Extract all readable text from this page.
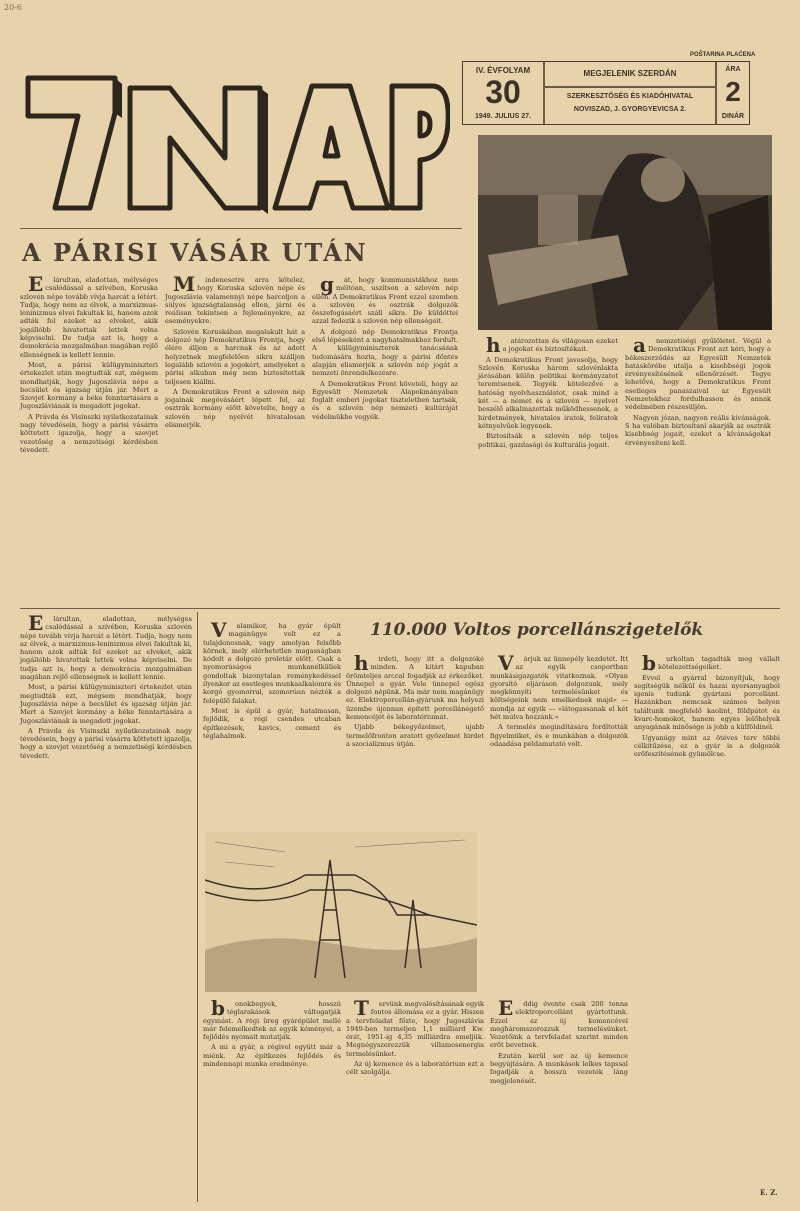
20-6
POŠTARINA PLAĆENA
IV. ÉVFOLYAM
30
1949. JULIUS 27.
MEGJELENIK SZERDÁN
SZERKESZTŐSÉG ÉS KIADÓHIVATAL
NOVISZAD, J. GYORGYEVICSA 2.
ÁRA
2
DINÁR
A PÁRISI VÁSÁR UTÁN

Elárultan, eladottan, mélységes csalódással a szívében, Koruska szlovén népe tovább vívja harcát a létért. Tudja, hogy nem az élvek, a marxizmus-leninizmus elvei fakultak ki, hanem azok adták fel ezeket az elveket, akik jogállóbb hivatottak lettek volna képviselni. De tudja azt is, hogy a demokrácia mozgalmában magában rejlő ellenségnek is kellett lennie.

Most, a párisi külügyminiszteri értekezlet után megtudták ezt, mégsem mondhatják, hogy Jugoszlávia népe a becsület és igazság útján jár. Mert a Szovjet kormány a béke fenntartására a Jugoszláviának is megadott jogokat.

A Právda és Visinszki nyilatkozatainak nagy tévedésein, hogy a párisi vásárra köttetett igazolja, hogy a szovjet vezetőség a nemzetiségi kérdésben tévedett.

Mindenesetre arra kötelez, hogy Koruska szlovén népe és Jugoszlávia valamennyi népe harcoljon a súlyos igazságtalanság ellen, járni és reálisan tekintsen a fejleményekre, az eseményekre.

Szlovén Koruskában megalakult hát a dolgozó nép Demokratikus Frontja, hogy élére álljon a harcnak és az adott helyzetnek megfelelően sikra szálljon legalább szlovén a jogokért, amelyeket a párisi alkuban még nem biztosítottak teljesen kiállni.

A Demokratikus Front a szlovén nép jogainak megóvásáért lépett fel, az osztrák kormány előtt követelte, hogy a szlovén nép nyelvét hivatalosan elismerjék.

gát, hogy kommunistákhoz nem méltóan, uszítson a szlovén nép ellen. A Demokratikus Front ezzel szemben a szlovén és osztrák dolgozók összefogásáért száll síkra. De küldöttei azzal fedezik a szlovén nép ellenségeit.

A dolgozó nép Demokratikus Frontja első lépéseként a nagyhatalmakhoz fordult. A külügyminiszterek tanácsának tudomására hozta, hogy a párisi döntés alapján elismerjék a szlovén nép jogát a nemzeti önrendelkezésre.

A Demokratikus Front követeli, hogy az Egyesült Nemzetek Alapokmányában foglalt emberi jogokat tiszteletben tartsák, és a szlovén nép nemzeti kultúráját védelmükbe vegyék.

határozottan és világosan ezeket a jogokat és biztosítékait.

A Demokratikus Front javasolja, hogy Szlovén Koruska három szlovénlakta járásában külön politikai kormányzatot teremtsenek. Tegyék kötelezővé a hatóság nyelvhasználatot, csak mind a két — a német és a szlovén — nyelvet beszélő alkalmazottak működhessenek, a hirdetmények, hivatalos iratok, feliratok kétnyelvűek legyenek.

Biztosítsák a szlovén nép teljes politikai, gazdasági és kulturális jogait.

anemzetiségi gyűlöletet. Végül a Demokratikus Front azt kéri, hogy a békeszerződés az Egyesült Nemzetek hatáskörébe utalja a kisebbségi jogok érvényesítésének ellenőrzését. Tegye lehetővé, hogy a Demokratikus Front esetleges panaszaival az Egyesült Nemzetekhez fordulhasson és annak védelmében részesüljön.

Nagyon józan, nagyon reális kívánságok. S ha valóban biztosítani akarják az osztrák kisebbség jogait, ezeket a kívánságokat érvényesíteni kell.

Elárultan, eladottan, mélységes csalódással a szívében, Koruska szlovén népe tovább vívja harcát a létért. Tudja, hogy nem az élvek, a marxizmus-leninizmus elvei fakultak ki, hanem azok adták fel ezeket az elveket, akik jogállóbb hivatottak lettek volna képviselni. De tudja azt is, hogy a demokrácia mozgalmában magában rejlő ellenségnek is kellett lennie.

Most, a párisi külügyminiszteri értekezlet után megtudták ezt, mégsem mondhatják, hogy Jugoszlávia népe a becsület és igazság útján jár. Mert a Szovjet kormány a béke fenntartására a Jugoszláviának is megadott jogokat.

A Právda és Visinszki nyilatkozatainak nagy tévedésein, hogy a párisi vásárra köttetett igazolja, hogy a szovjet vezetőség a nemzetiségi kérdésben tévedett.

110.000 Voltos porcellánszigetelők

Valamikor, ha gyár épült magánügye volt ez a tulajdonosnak, vagy amolyan felsőbb körnek, mely elérhetetlen magasságban kódolt a dolgozó proletár előtt. Csak a nyomorúságos munkanélküliek gondoltak bizonytalan reménykedéssel ilyenkor az esetleges munkaalkalomra és korgó gyomorral, szomorúan nézték a felépülő falakat.

Most is épül a gyár, hatalmasan, fejlődik, a régi csendes utcában építkezések, kavics, cement és téglahalmok.

hirdeti, hogy itt a dolgozóké minden. A kitárt kapuban örömteljes arccal fogadják az érkezőket. Ünnepel a gyár. Vele ünnepel egész dolgozó népünk. Ma már nem magánügy ez. Elektroporcellán-gyárunk ma helyezi üzembe újonnan épített porcellánégető kemencéjét és laboratóriumát.

Ujabb békegyőzelmet, ujabb termelőfronton aratott győzelmet hirdet a szocializmus útján.

Várjuk az ünnepély kezdetét. Itt az egyik csoportban munkásigazgatók vitatkoznak. »Olyan gyorsító eljáráson dolgozunk, mely megkönnyíti termelésünket és költségeink nem emelkednek majd« — mondja az egyik — »látogassanak el két hét múlva hozzánk.«

A termelés megindítására fordították figyelmüket, és e munkában a dolgozók odaadása példamutató volt.

burkoltan tagadták meg vállalt kötelezettségeiket.

Evvel a gyárral bizonyítjuk, hogy segítségük nélkül és hazai nyersanyagból igenis tudunk gyártani porcellánt. Hazánkban nemcsak számos helyen találtunk megfelelő kaolint, földpátot és kvarc-homokot, hanem egyes lelőhelyek anyagának minősége is jobb a külföldinél.

Ugyanúgy mint az ötéves terv többi célkitűzése, ez a gyár is a dolgozók erőfeszítésének gyümölcse.

bonokbegyek, hosszú téglarakások váltogatják egymást. A régi üreg gyárépület mellé már felemelkedtek az egyik kéményei, a fejlődés nyomait mutatják.

A mi a gyár, a régivel együtt már a miénk. Az építkezés fejlődés és mindennapi munka eredménye.

Tervünk megvalósításának egyik fontos állomása ez a gyár. Hiszen a tervfeladat főzte, hogy Jugoszlávia 1949-ben termeljen 1,1 milliárd Kw. órát, 1951-ig 4,35 milliárdra emeljük. Megnégyszerezzük villamosenergia termelésünket.

Az új kemence és a laboratórium ezt a célt szolgálja.

Eddig évente csak 200 tonna elektroporcellánt gyártottunk. Ezzel az új kemencével megháromszorozzuk termelésünket. Vezetőink a tervfeladat szerint minden erőt bevetnek.

Ezután kerül sor az új kemence begyújtására. A munkások lelkes tapssal fogadják a hosszú vezeték láng megjelenését.

E. Z.
